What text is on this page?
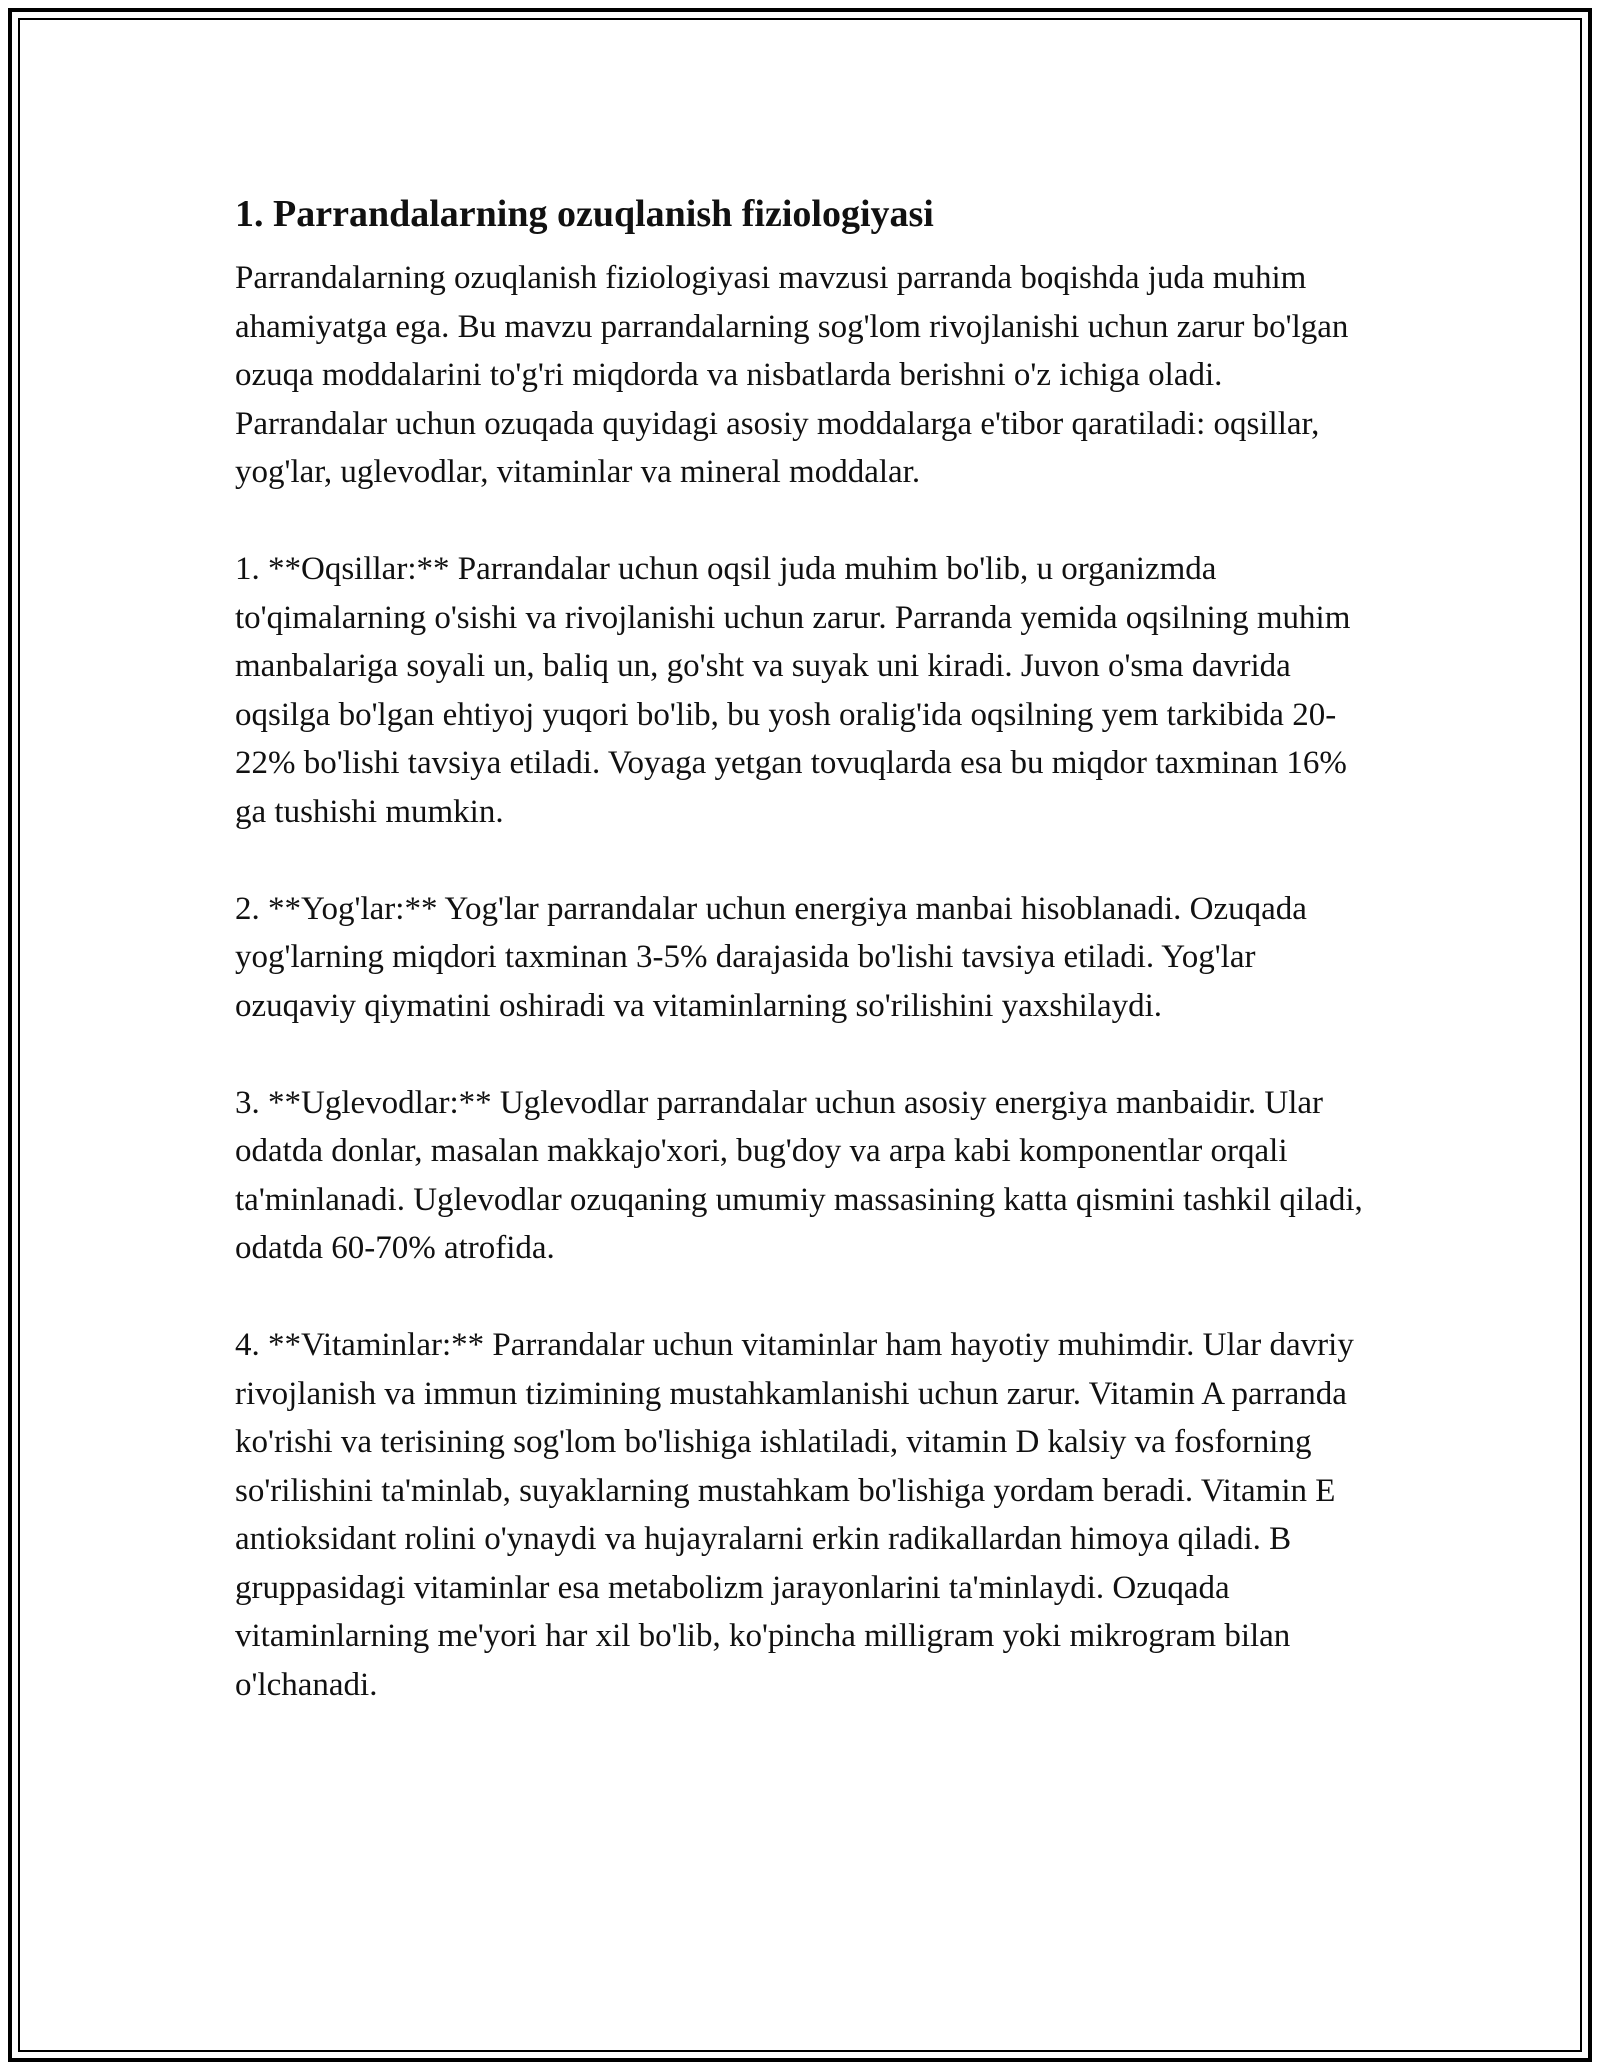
1. Parrandalarning ozuqlanish fiziologiyasi

Parrandalarning ozuqlanish fiziologiyasi mavzusi parranda boqishda juda muhim ahamiyatga ega. Bu mavzu parrandalarning sog'lom rivojlanishi uchun zarur bo'lgan ozuqa moddalarini to'g'ri miqdorda va nisbatlarda berishni o'z ichiga oladi. Parrandalar uchun ozuqada quyidagi asosiy moddalarga e'tibor qaratiladi: oqsillar, yog'lar, uglevodlar, vitaminlar va mineral moddalar.

1. **Oqsillar:** Parrandalar uchun oqsil juda muhim bo'lib, u organizmda to'qimalarning o'sishi va rivojlanishi uchun zarur. Parranda yemida oqsilning muhim manbalariga soyali un, baliq un, go'sht va suyak uni kiradi. Juvon o'sma davrida oqsilga bo'lgan ehtiyoj yuqori bo'lib, bu yosh oralig'ida oqsilning yem tarkibida 20-22% bo'lishi tavsiya etiladi. Voyaga yetgan tovuqlarda esa bu miqdor taxminan 16% ga tushishi mumkin.

2. **Yog'lar:** Yog'lar parrandalar uchun energiya manbai hisoblanadi. Ozuqada yog'larning miqdori taxminan 3-5% darajasida bo'lishi tavsiya etiladi. Yog'lar ozuqaviy qiymatini oshiradi va vitaminlarning so'rilishini yaxshilaydi.

3. **Uglevodlar:** Uglevodlar parrandalar uchun asosiy energiya manbaidir. Ular odatda donlar, masalan makkajo'xori, bug'doy va arpa kabi komponentlar orqali ta'minlanadi. Uglevodlar ozuqaning umumiy massasining katta qismini tashkil qiladi, odatda 60-70% atrofida.

4. **Vitaminlar:** Parrandalar uchun vitaminlar ham hayotiy muhimdir. Ular davriy rivojlanish va immun tizimining mustahkamlanishi uchun zarur. Vitamin A parranda ko'rishi va terisining sog'lom bo'lishiga ishlatiladi, vitamin D kalsiy va fosforning so'rilishini ta'minlab, suyaklarning mustahkam bo'lishiga yordam beradi. Vitamin E antioksidant rolini o'ynaydi va hujayralarni erkin radikallardan himoya qiladi. B gruppasidagi vitaminlar esa metabolizm jarayonlarini ta'minlaydi. Ozuqada vitaminlarning me'yori har xil bo'lib, ko'pincha milligram yoki mikrogram bilan o'lchanadi.
